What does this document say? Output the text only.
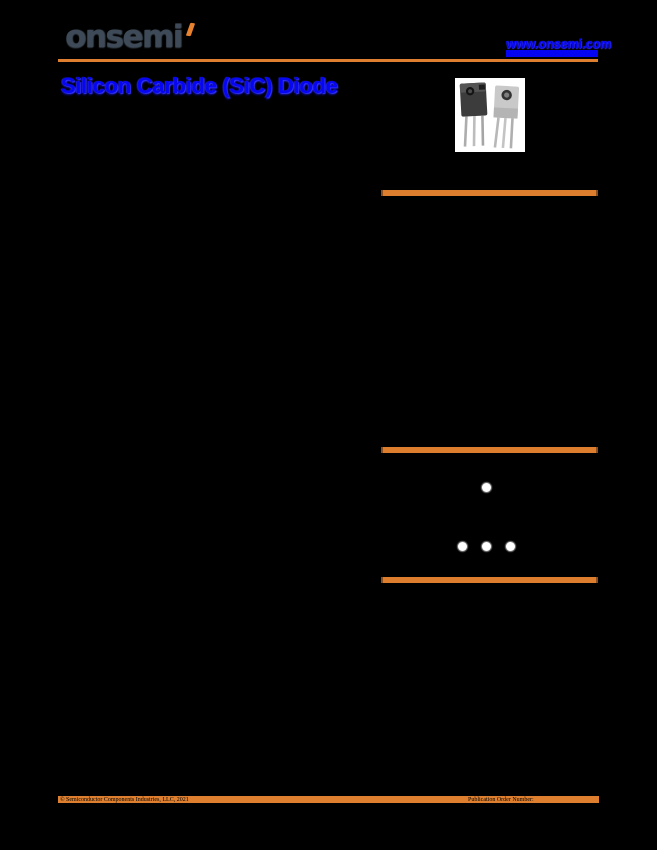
onsemi	www.onsemi.com
Silicon Carbide (SiC) Diode
© Semiconductor Components Industries, LLC, 2021
November, 2021 − Rev. 0	1
Publication Order Number:
FFSH40120ADN/D
